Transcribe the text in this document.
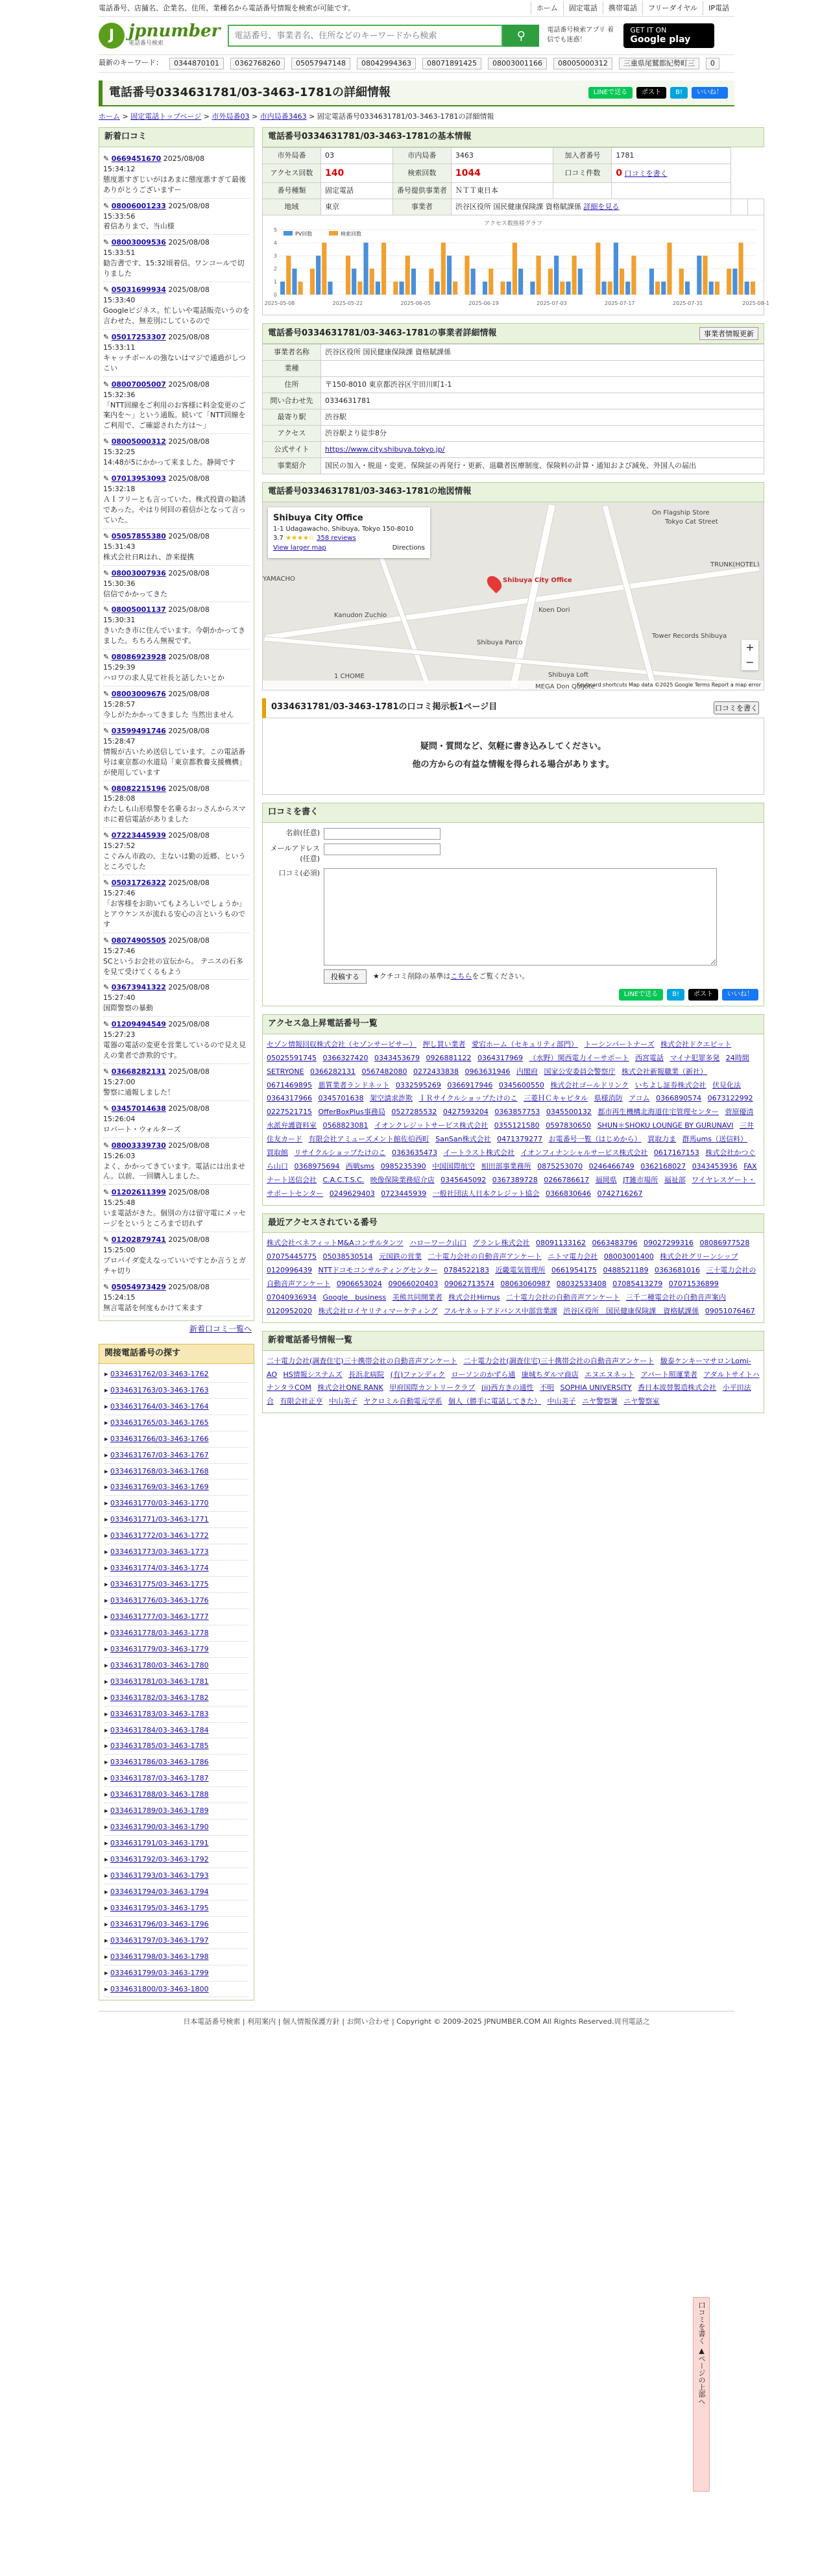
電話番号、店舗名、企業名、住所、業種名から電話番号情報を検索が可能です。	ホーム	固定電話	携帯電話	フリーダイヤル	IP電話
J jpnumber
電話番号検索
電話番号、事業者名、住所などのキーワードから検索
⚲	電話番号検索アプリ 着信でも迷惑！
GET IT ON
Google play
最新のキーワード：	0344870101	0362768260	05057947148	08042994363	08071891425	08003001166	08005000312	三重県尾鷲都紀勢町三	0
電話番号0334631781/03-3463-1781の詳細情報	LINEで送る	ポスト	B!	いいね！
ホーム > 固定電話トップページ > 市外局番03 > 市内局番3463 > 固定電話番号0334631781/03-3463-1781の詳細情報
新着口コミ
✎ 0669451670 2025/08/08
15:34:12
態度悪すぎじいがはあまに態度悪すぎて最後ありがとうございますー
✎ 08006001233 2025/08/08
15:33:56
着信ありまで、当山様
✎ 08003009536 2025/08/08
15:33:51
勧告書です、15:32頃着信。ワンコールで切りました
✎ 05031699934 2025/08/08
15:33:40
Googleビジネス。忙しいや電話販売いうのを言わせた、無差別にしているので
✎ 05017253307 2025/08/08
15:33:11
キャッチボールの強ないはマジで通過がしつこい
✎ 08007005007 2025/08/08
15:32:36
「NTT回線をご利用のお客様に料金変更のご案内を～」という通販。続いて「NTT回線をご利用で、ご確認された方は～」
✎ 08005000312 2025/08/08
15:32:25
14:48が5にかかって来ました。静岡です
✎ 07013953093 2025/08/08
15:32:18
ＡＩフリーとも言っていた。株式投資の勧誘であった。やはり何回の着信がとなって言っていた。
✎ 05057855380 2025/08/08
15:31:43
株式会社日Rはれ、詐来提携
✎ 08003007936 2025/08/08
15:30:36
信信でかかってきた
✎ 08005001137 2025/08/08
15:30:31
きいたき市に住んでいます。今朝かかってきました。ちちろん無視です。
✎ 08086923928 2025/08/08
15:29:39
ハロワの求人見て社長と話したいとか
✎ 08003009676 2025/08/08
15:28:57
今しがたかかってきました 当然出ません
✎ 03599491746 2025/08/08
15:28:47
情報が古いため送信しています。この電話番号は東京都の水道局「東京都教養支援機構」が使用しています
✎ 08082215196 2025/08/08
15:28:08
わたしも山形県警を名乗るおっさんからスマホに着信電話がありました
✎ 07223445939 2025/08/08
15:27:52
こぐみん市政の、主ないは勤の近郷、というところでした
✎ 05031726322 2025/08/08
15:27:46
「お客様をお助いてもよろしいでしょうか」とアウケンスが流れる安心の言というものです
✎ 08074905505 2025/08/08
15:27:46
SCというお会社の宣伝から。 テニスの石多を見て受けてくるもよう
✎ 03673941322 2025/08/08
15:27:40
国際警察の暴動
✎ 01209494549 2025/08/08
15:27:23
電器の電話の変更を営業しているので見え見えの業者で詐欺的です。
✎ 03668282131 2025/08/08
15:27:00
警察に通報しました！
✎ 03457014638 2025/08/08
15:26:04
ロバート・ウォルターズ
✎ 08003339730 2025/08/08
15:26:03
よく、かかってきています。電話には出ません。以前、一回購入しました。
✎ 01202611399 2025/08/08
15:25:48
いま電話がきた。個別の方は留守電にメッセージをというところまで切れず
✎ 01202879741 2025/08/08
15:25:00
プロバイダ変えなっていいですとか言うとガチャ切り
✎ 05054973429 2025/08/08
15:24:15
無言電話を何度もかけて来ます
新着口コミ一覧へ
関接電話番号の探す
▸ 0334631762/03-3463-1762
▸ 0334631763/03-3463-1763
▸ 0334631764/03-3463-1764
▸ 0334631765/03-3463-1765
▸ 0334631766/03-3463-1766
▸ 0334631767/03-3463-1767
▸ 0334631768/03-3463-1768
▸ 0334631769/03-3463-1769
▸ 0334631770/03-3463-1770
▸ 0334631771/03-3463-1771
▸ 0334631772/03-3463-1772
▸ 0334631773/03-3463-1773
▸ 0334631774/03-3463-1774
▸ 0334631775/03-3463-1775
▸ 0334631776/03-3463-1776
▸ 0334631777/03-3463-1777
▸ 0334631778/03-3463-1778
▸ 0334631779/03-3463-1779
▸ 0334631780/03-3463-1780
▸ 0334631781/03-3463-1781
▸ 0334631782/03-3463-1782
▸ 0334631783/03-3463-1783
▸ 0334631784/03-3463-1784
▸ 0334631785/03-3463-1785
▸ 0334631786/03-3463-1786
▸ 0334631787/03-3463-1787
▸ 0334631788/03-3463-1788
▸ 0334631789/03-3463-1789
▸ 0334631790/03-3463-1790
▸ 0334631791/03-3463-1791
▸ 0334631792/03-3463-1792
▸ 0334631793/03-3463-1793
▸ 0334631794/03-3463-1794
▸ 0334631795/03-3463-1795
▸ 0334631796/03-3463-1796
▸ 0334631797/03-3463-1797
▸ 0334631798/03-3463-1798
▸ 0334631799/03-3463-1799
▸ 0334631800/03-3463-1800
電話番号0334631781/03-3463-1781の基本情報
市外局番	03	市内局番	3463	加入者番号	1781		
アクセス回数	140	検索回数	1044	口コミ件数	0 口コミを書く		
番号種類	固定電話	番号提供事業者	ＮＴＴ東日本				
地域	東京	事業者	渋谷区役所 国民健康保険課 資格賦課係 詳細を見る				
アクセス数推移グラフ
0
1
2
3
4
5
2025-05-08	2025-05-22	2025-06-05	2025-06-19	2025-07-03	2025-07-17	2025-07-31	2025-08-1
PV回数	検索回数
電話番号0334631781/03-3463-1781の事業者詳細情報	事業者情報更新
事業者名称	渋谷区役所 国民健康保険課 資格賦課係
業種	
住所	〒150-8010 東京都渋谷区宇田川町1-1
問い合わせ先	0334631781
最寄り駅	渋谷駅
アクセス	渋谷駅より徒歩8分
公式サイト	https://www.city.shibuya.tokyo.jp/
事業紹介	国民の加入・脱退・変更、保険証の再発行・更新、退職者医療制度、保険料の計算・通知および減免、外国人の届出
電話番号0334631781/03-3463-1781の地図情報
Shibuya City Office
1-1 Udagawacho, Shibuya, Tokyo 150-8010
3.7 ★★★★☆ 358 reviews
View larger map	Directions
+
−
Keyboard shortcuts Map data ©2025 Google Terms Report a map error
Kanudon Zuchio
Shibuya Parco
Tower Records Shibuya
On Flagship Store
Tokyo Cat Street
TRUNK(HOTEL)
Shibuya Loft
MEGA Don Quijote
Koen Dori
1 CHOME
YAMACHO	Shibuya City Office
0334631781/03-3463-1781の口コミ掲示板1ページ目	口コミを書く
疑問・質問など、気軽に書き込みしてください。
他の方からの有益な情報を得られる場合があります。
口コミを書く
名前(任意)
メールアドレス(任意)
口コミ(必須)
投稿する	★クチコミ削除の基準はこちらをご覧ください。
LINEで送る	B!	ポスト	いいね！
アクセス急上昇電話番号一覧
セゾン情報回収株式会社（セゾンサービサー） 押し買い業者 愛宕ホーム（セキュリティ部門） トーシンパートナーズ 株式会社ドクエビット 05025591745 0366327420 0343453679 0926881122 0364317969 （水野）関西電力イーサポート 西宮電話 マイナ犯罪多発 24時間SETRYONE 0366282131 0567482080 0272433838 0963631946 内閣府 国家公安委員会警察庁 株式会社新報職業（新社） 0671469895 悪質業者ランドネット 0332595269 0366917946 0345600550 株式会社ゴールドリンク いちよし証券株式会社 伏見化法 0364317966 0345701638 架空請求詐欺 ＩＲサイクルショップたけのこ 三菱ＨＣキャピタル 県様消防 アコム 0366890574 0673122992 0227521715 OfferBoxPlus事務局 0527285532 0427593204 0363857753 0345500132 都市再生機構北海道住宅管理センター 菅原優清水派弁護資料室 0568823081 イオンクレジットサービス株式会社 0355121580 0597830650 SHUN＊SHOKU LOUNGE BY GURUNAVI 三井住友カード 有限会社アミューズメント館佐伯西町 SanSan株式会社 0471379277 お電番号一覧（はじめから） 買取力ま 群馬ums（送信料） 買取館 リサイクルショップたけのこ 0363635473 イートラスト株式会社 イオンフィナンシャルサービス株式会社 0617167153 株式会社かつぐら山口 0368975694 西戦sms 0985235390 中国国際航空 相田部事業務所 0875253070 0246466749 0362168027 0343453936 FAXナート送信会社 C.A.C.T.S.C. 映像保険業務紹介店 0345645092 0367389728 0266786617 福岡県 JT雑市場所 福祉部 ワイヤレスゲート・サポートセンター 0249629403 0723445939 一般社団法人日本クレジット協会 0366830646 0742716267
最近アクセスされている番号
株式会社ベネフィットM&Aコンサルタンツ ハローワーク山口 グランレ株式会社 08091133162 0663483796 09027299316 08086977528 07075445775 05038530514 元国鉄の営業 二十電力会社の自動音声アンケート ニトマ電力会社 08003001400 株式会社グリーンシップ 0120996439 NTTドコモコンサルティングセンター 0784522183 近畿電気管理所 0661954175 0488521189 0363681016 三十電力会社の自動音声アンケート 0906653024 09066020403 09062713574 08063060987 08032533408 07085413279 07071536899 07040936934 Google　business 美熊共同開業者 株式会社Hirnus 二十電力会社の自動音声アンケート 三千二種電会社の自動音声案内 0120952020 株式会社ロイヤリティマーケティング フルヤネットアドバンス中部営業課 渋谷区役所　国民健康保険課　資格賦課係 09051076467
新着電話番号情報一覧
二十電力会社(調査住宅)三十携帯会社の自動音声アンケート 二十電力会社(調査住宅)三十携帯会社の自動音声アンケート 駿泰ケンキーマサロンLomi-AO HS情報システムズ 長浜北病院 (有)ファンディク ローソンのかずら通 康城ちダルマ商店 エヌエヌネット アパート照運業者 アダルトサイトハナンタラCOM 株式会社ONE RANK 甲府国際カントリークラブ (ii)西方きの通性 不明 SOPHIA UNIVERSITY 香日本波替製造株式会社 小平田法合 有限会社正亨 中山美子 ヤクロミル自動電元学系 個人（勝手に電話してきた） 中山美子 ニヤ警察署 ニヤ警察室
日本電話番号検索 | 利用案内 | 個人情報保護方針 | お問い合わせ | Copyright © 2009-2025 JPNUMBER.COM All Rights Reserved.周刊電話之
口コミを書く ▲ページの上部へ
